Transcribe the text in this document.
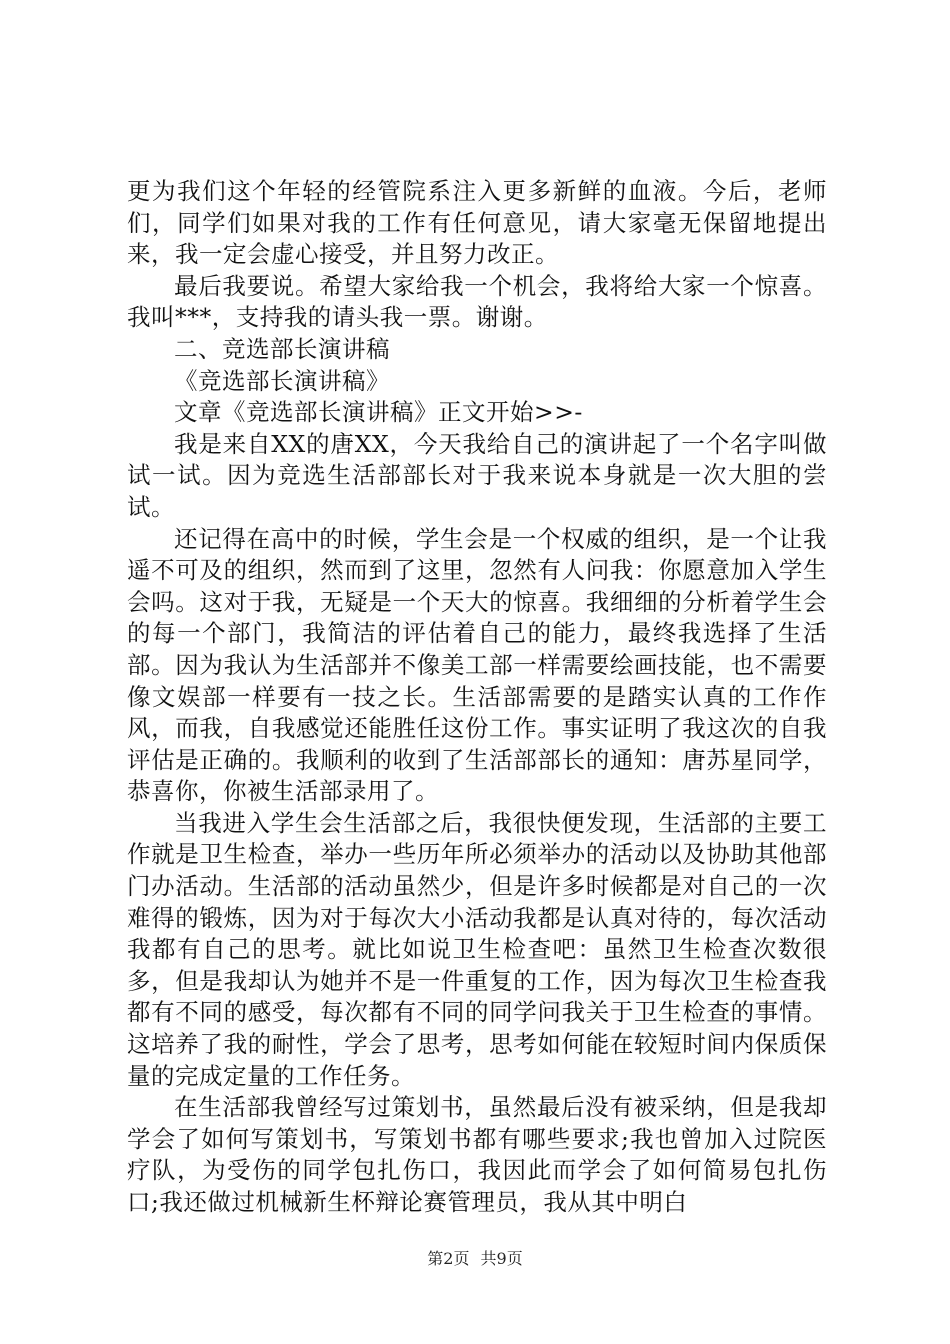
更为我们这个年轻的经管院系注入更多新鲜的血液。今后，老师们，同学们如果对我的工作有任何意见，请大家毫无保留地提出来，我一定会虚心接受，并且努力改正。

最后我要说。希望大家给我一个机会，我将给大家一个惊喜。我叫***，支持我的请头我一票。谢谢。

二、竞选部长演讲稿

《竞选部长演讲稿》

文章《竞选部长演讲稿》正文开始>>-

我是来自XX的唐XX，今天我给自己的演讲起了一个名字叫做试一试。因为竞选生活部部长对于我来说本身就是一次大胆的尝试。

还记得在高中的时候，学生会是一个权威的组织，是一个让我遥不可及的组织，然而到了这里，忽然有人问我：你愿意加入学生会吗。这对于我，无疑是一个天大的惊喜。我细细的分析着学生会的每一个部门，我简洁的评估着自己的能力，最终我选择了生活部。因为我认为生活部并不像美工部一样需要绘画技能，也不需要像文娱部一样要有一技之长。生活部需要的是踏实认真的工作作风，而我，自我感觉还能胜任这份工作。事实证明了我这次的自我评估是正确的。我顺利的收到了生活部部长的通知：唐苏星同学，恭喜你，你被生活部录用了。

当我进入学生会生活部之后，我很快便发现，生活部的主要工作就是卫生检查，举办一些历年所必须举办的活动以及协助其他部门办活动。生活部的活动虽然少，但是许多时候都是对自己的一次难得的锻炼，因为对于每次大小活动我都是认真对待的，每次活动我都有自己的思考。就比如说卫生检查吧：虽然卫生检查次数很多，但是我却认为她并不是一件重复的工作，因为每次卫生检查我都有不同的感受，每次都有不同的同学问我关于卫生检查的事情。这培养了我的耐性，学会了思考，思考如何能在较短时间内保质保量的完成定量的工作任务。

在生活部我曾经写过策划书，虽然最后没有被采纳，但是我却学会了如何写策划书，写策划书都有哪些要求;我也曾加入过院医疗队，为受伤的同学包扎伤口，我因此而学会了如何简易包扎伤口;我还做过机械新生杯辩论赛管理员，我从其中明白

第2页 共9页
